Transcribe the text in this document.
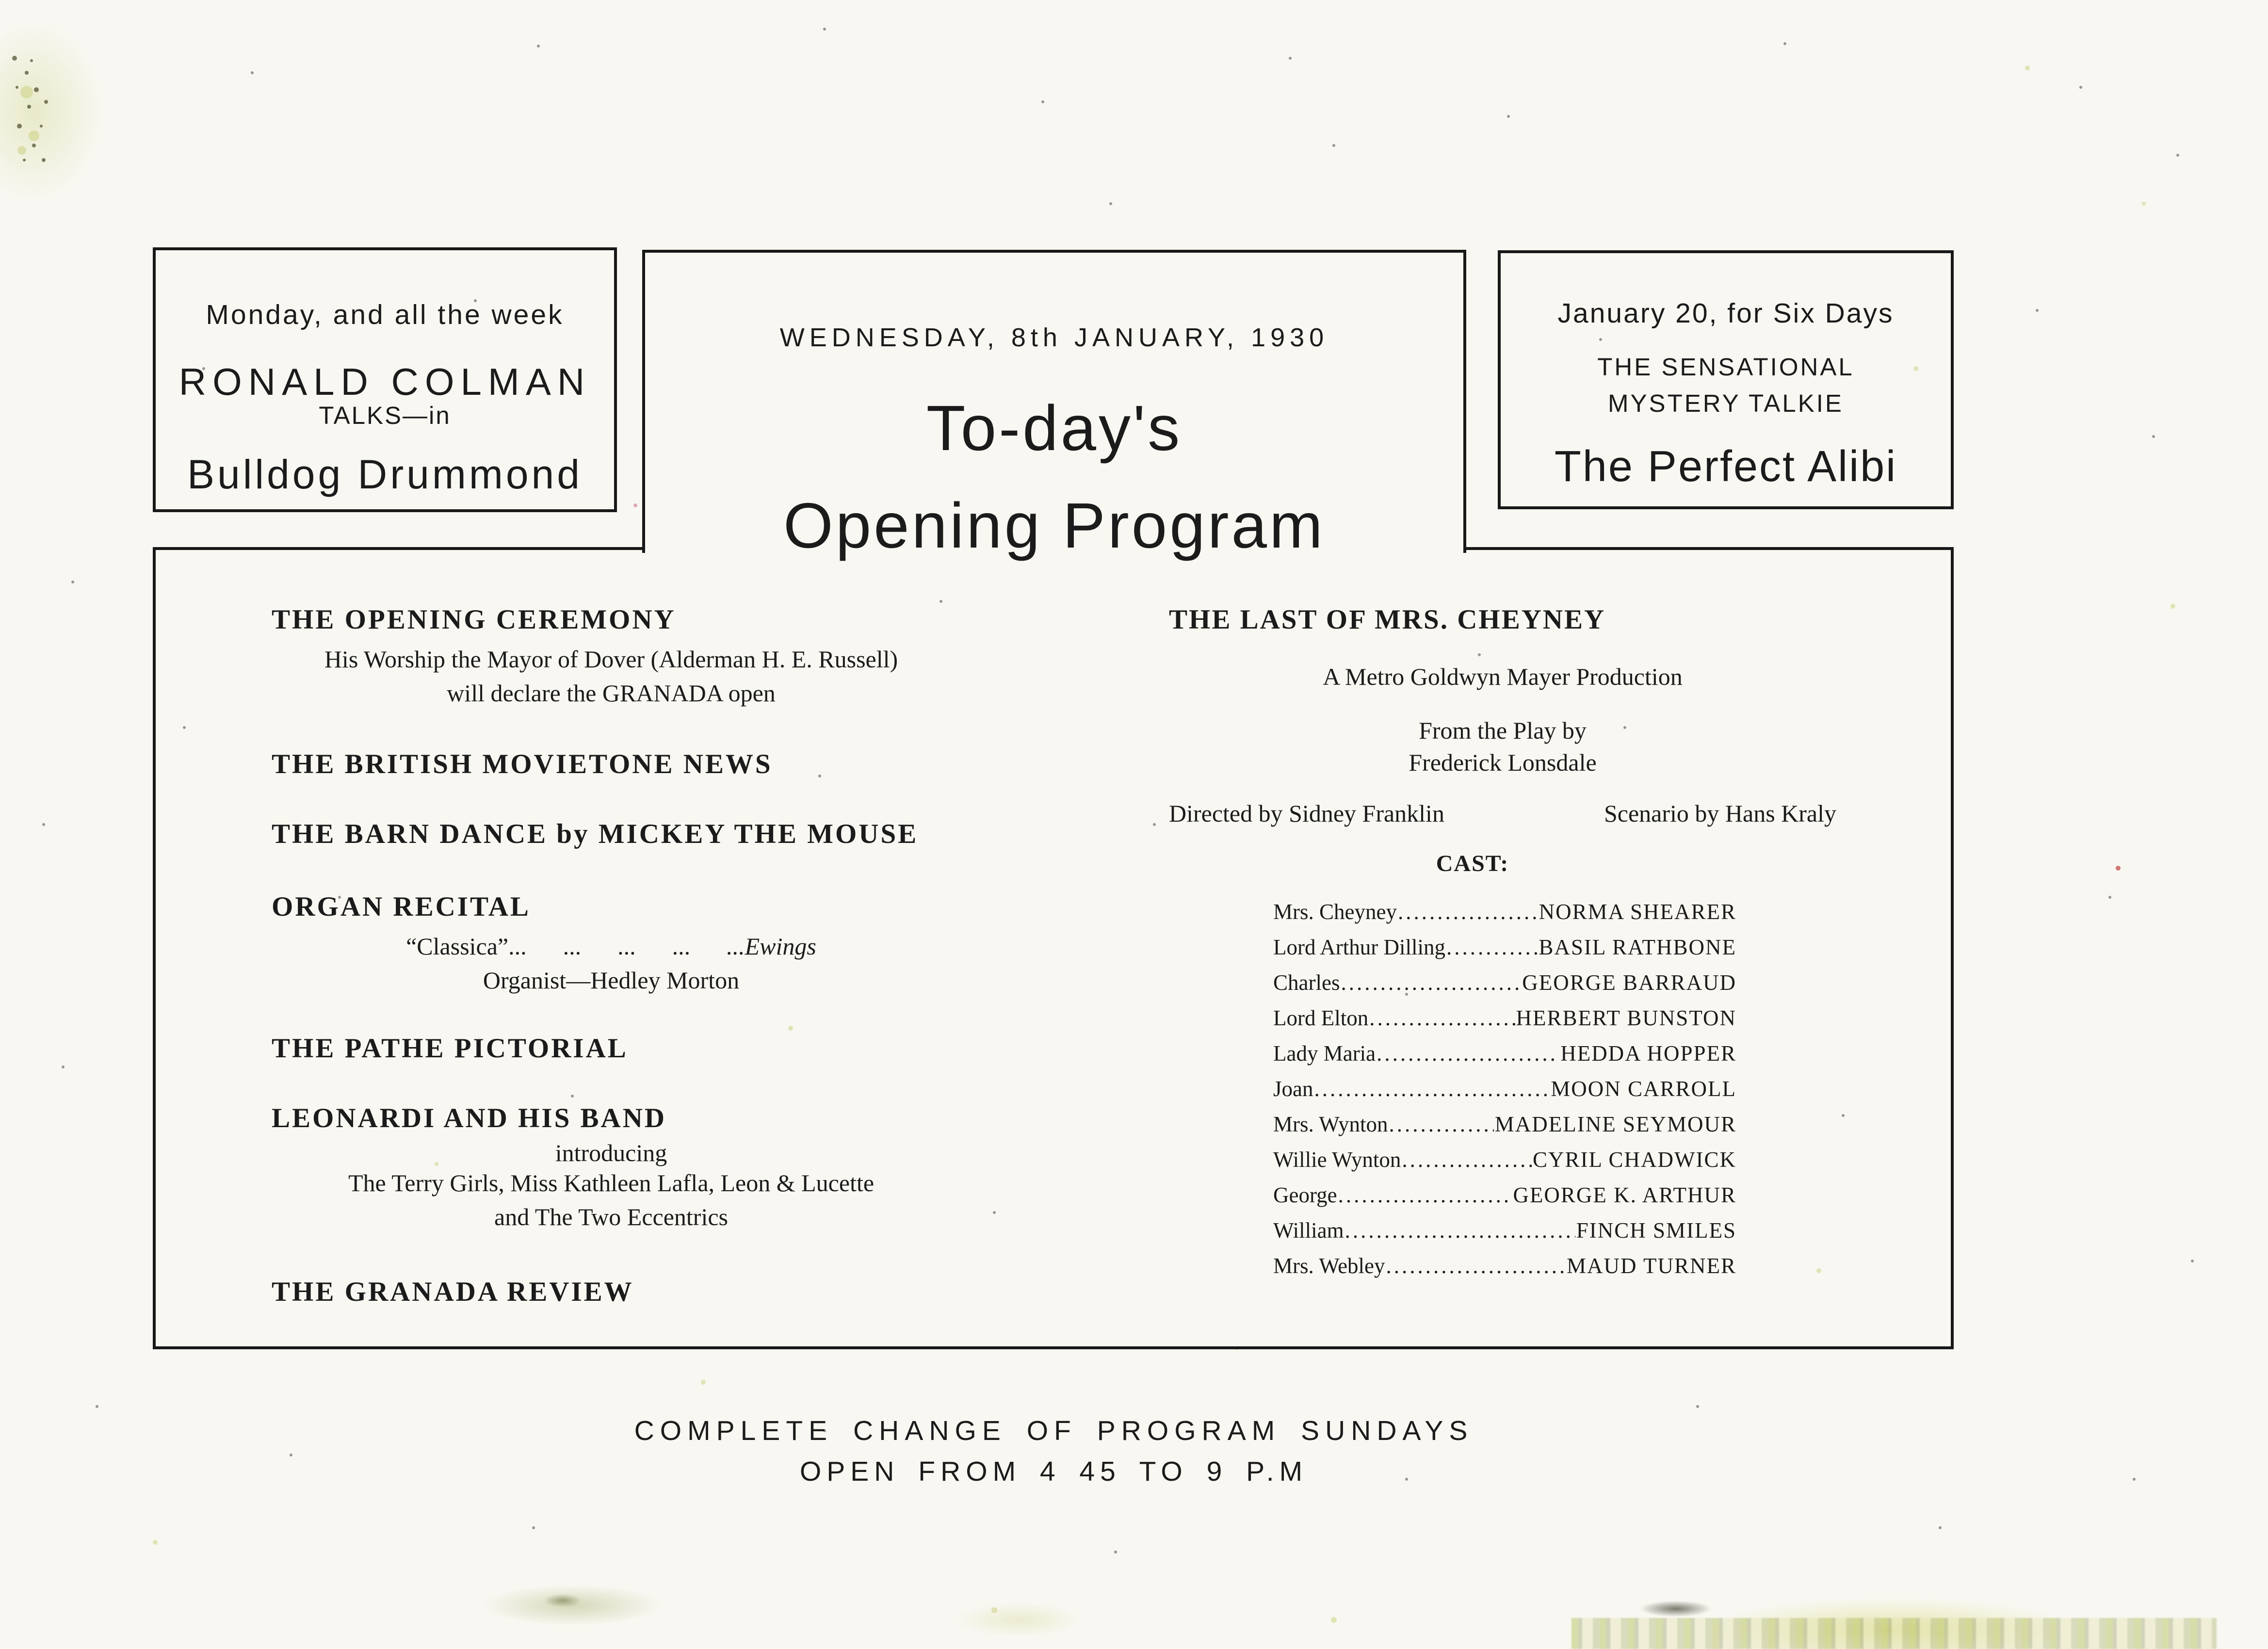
Monday, and all the week
RONALD COLMAN
TALKS—in
Bulldog Drummond
WEDNESDAY, 8th JANUARY, 1930
To-day's
Opening Program
January 20, for Six Days
THE SENSATIONAL
MYSTERY TALKIE
The Perfect Alibi
THE OPENING CEREMONY
His Worship the Mayor of Dover (Alderman H. E. Russell)
will declare the GRANADA open
THE BRITISH MOVIETONE NEWS
THE BARN DANCE by MICKEY THE MOUSE
ORGAN RECITAL
“Classica”...      ...      ...      ...      ...Ewings
Organist—Hedley Morton
THE PATHE PICTORIAL
LEONARDI AND HIS BAND
introducing
The Terry Girls, Miss Kathleen Lafla, Leon & Lucette
and The Two Eccentrics
THE GRANADA REVIEW
THE LAST OF MRS. CHEYNEY
A Metro Goldwyn Mayer Production
From the Play by
Frederick Lonsdale
Directed by Sidney Franklin	Scenario by Hans Kraly
CAST:
Mrs. Cheyney .....	NORMA SHEARER
Lord Arthur Dilling .....	BASIL RATHBONE
Charles .....	GEORGE BARRAUD
Lord Elton .....	HERBERT BUNSTON
Lady Maria .....	HEDDA HOPPER
Joan .....	MOON CARROLL
Mrs. Wynton .....	MADELINE SEYMOUR
Willie Wynton .....	CYRIL CHADWICK
George .....	GEORGE K. ARTHUR
William .....	FINCH SMILES
Mrs. Webley .....	MAUD TURNER
COMPLETE CHANGE OF PROGRAM SUNDAYS
OPEN FROM 4 45 TO 9 P.M
